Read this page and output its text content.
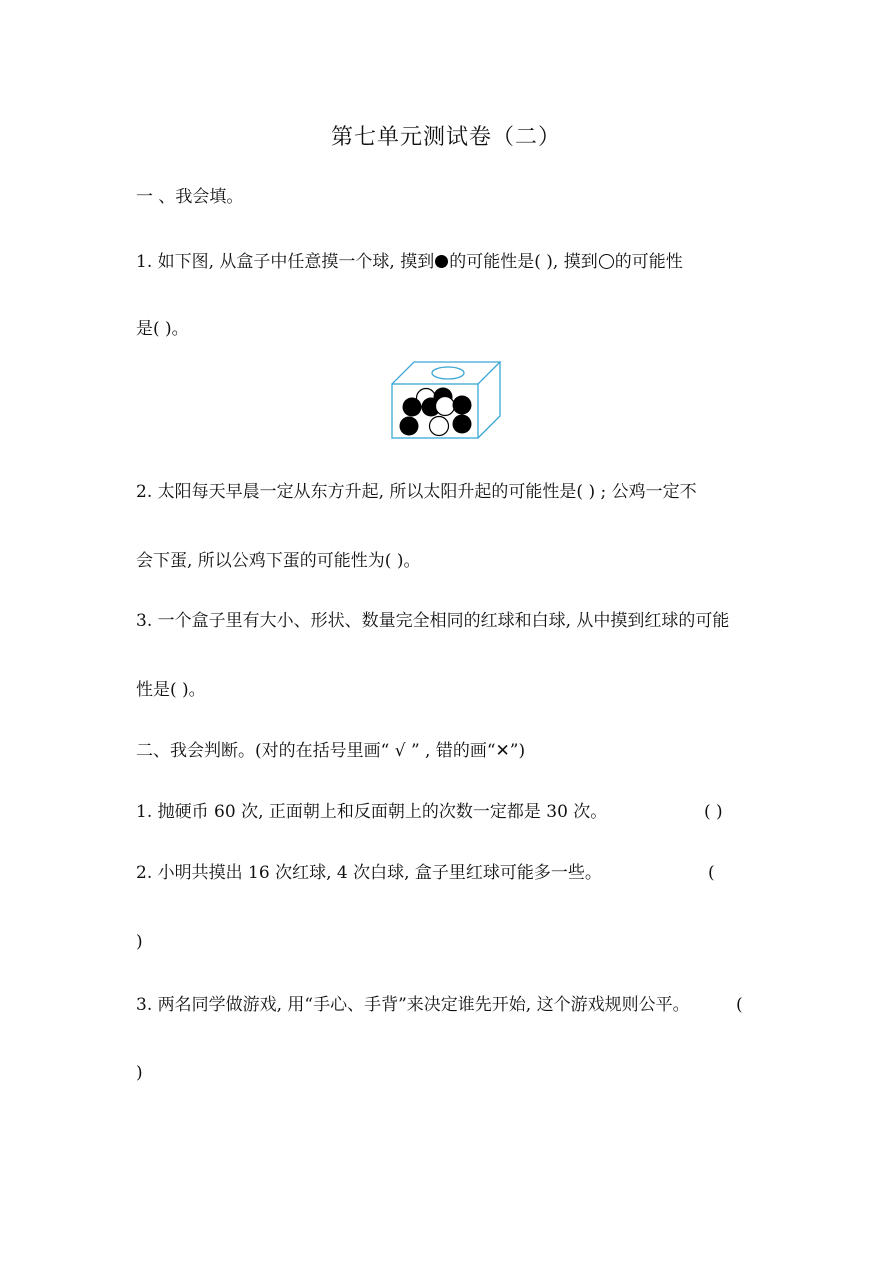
第七单元测试卷（二）
一 、我会填。
1. 如下图, 从盒子中任意摸一个球, 摸到 的可能性是( ), 摸到 的可能性
是( )。
2. 太阳每天早晨一定从东方升起, 所以太阳升起的可能性是( ) ; 公鸡一定不
会下蛋, 所以公鸡下蛋的可能性为( )。
3. 一个盒子里有大小、形状、数量完全相同的红球和白球, 从中摸到红球的可能
性是( )。
二、我会判断。(对的在括号里画“ √ ” , 错的画“✕”)
1. 抛硬币 60 次, 正面朝上和反面朝上的次数一定都是 30 次。	( )
2. 小明共摸出 16 次红球, 4 次白球, 盒子里红球可能多一些。	(
)
3. 两名同学做游戏, 用“手心、手背”来决定谁先开始, 这个游戏规则公平。	(
)
